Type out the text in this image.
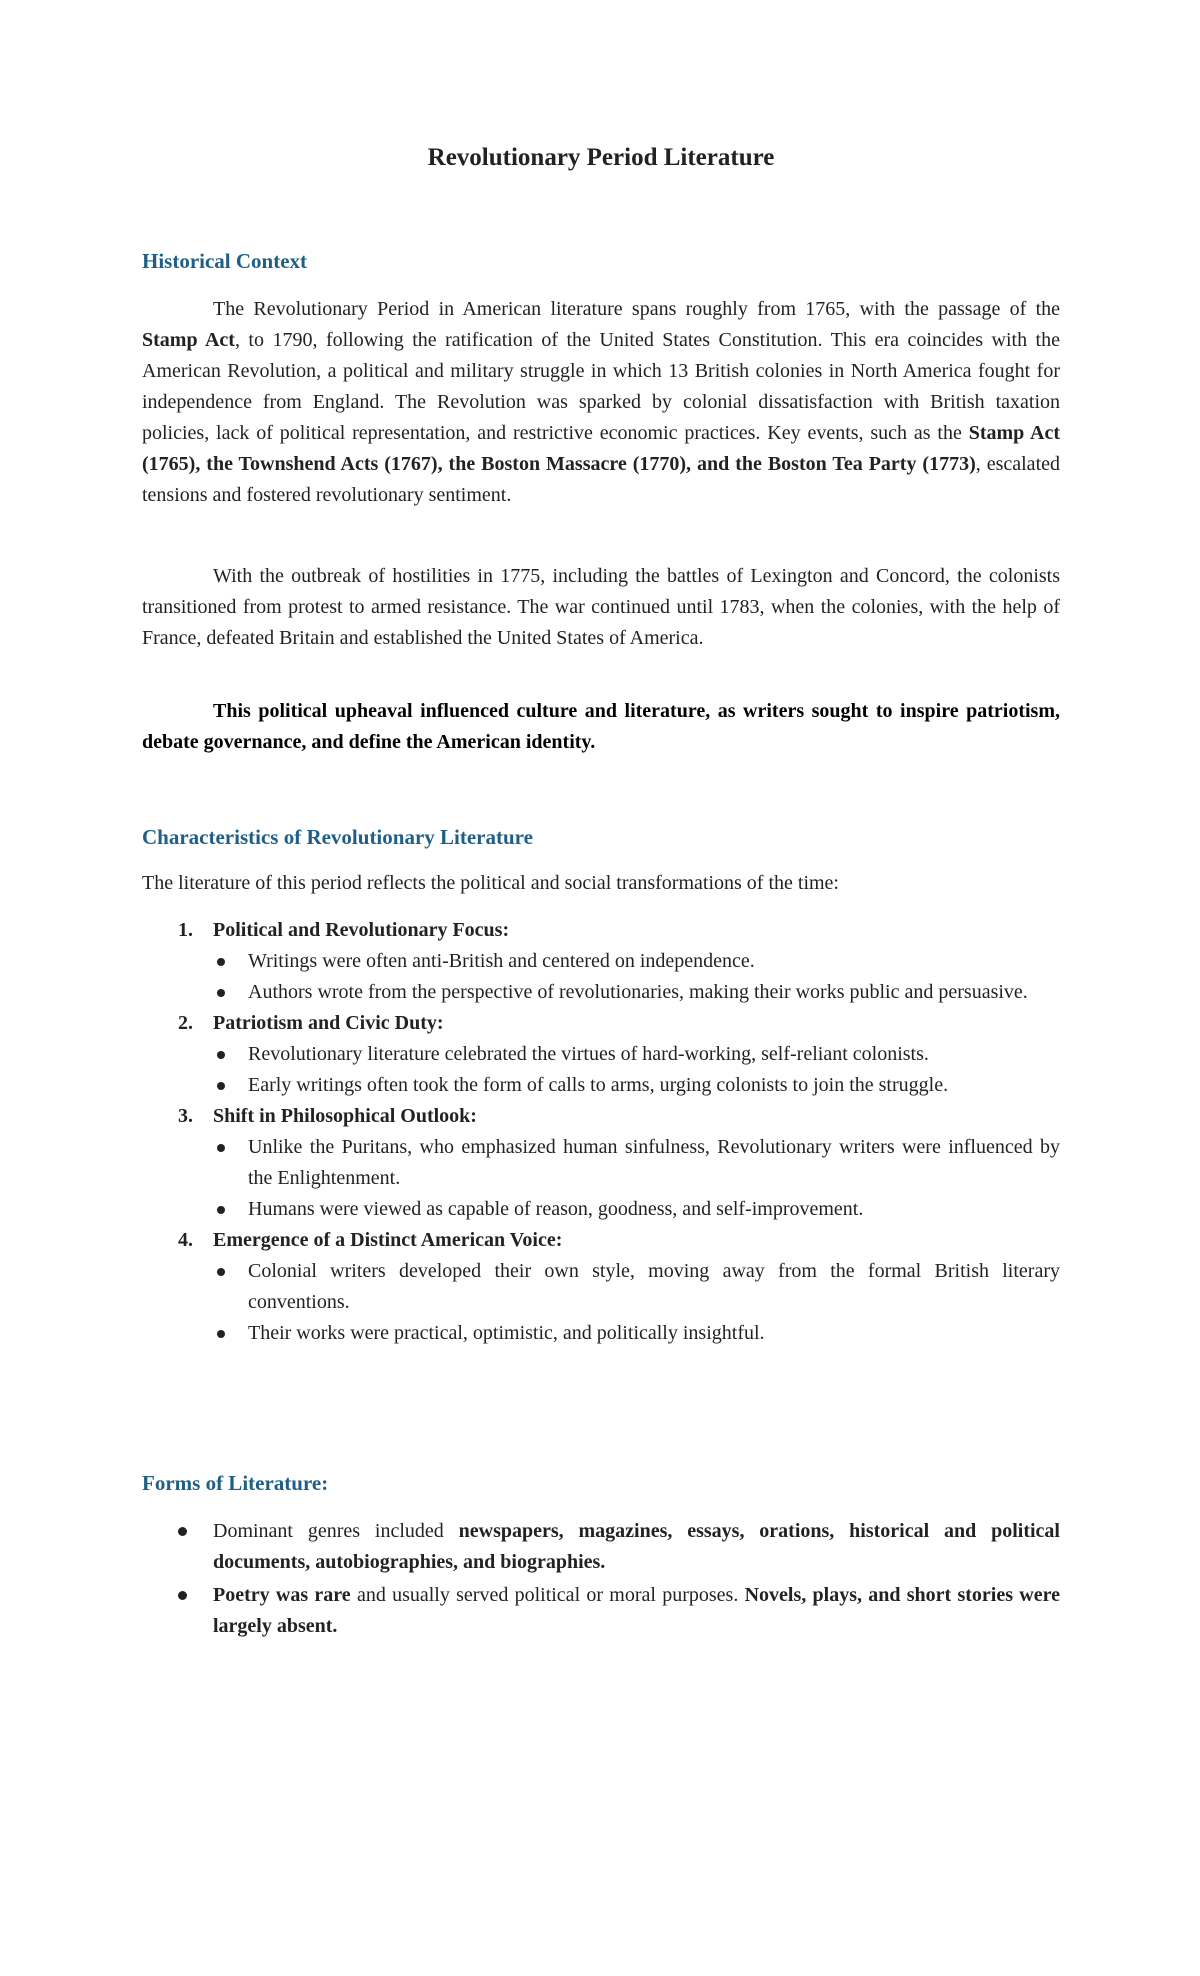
Revolutionary Period Literature
Historical Context

The Revolutionary Period in American literature spans roughly from 1765, with the passage of the Stamp Act, to 1790, following the ratification of the United States Constitution. This era coincides with the American Revolution, a political and military struggle in which 13 British colonies in North America fought for independence from England. The Revolution was sparked by colonial dissatisfaction with British taxation policies, lack of political representation, and restrictive economic practices. Key events, such as the Stamp Act (1765), the Townshend Acts (1767), the Boston Massacre (1770), and the Boston Tea Party (1773), escalated tensions and fostered revolutionary sentiment.

With the outbreak of hostilities in 1775, including the battles of Lexington and Concord, the colonists transitioned from protest to armed resistance. The war continued until 1783, when the colonies, with the help of France, defeated Britain and established the United States of America.

This political upheaval influenced culture and literature, as writers sought to inspire patriotism, debate governance, and define the American identity.

Characteristics of Revolutionary Literature

The literature of this period reflects the political and social transformations of the time:

1. Political and Revolutionary Focus:
Writings were often anti-British and centered on independence.
Authors wrote from the perspective of revolutionaries, making their works public and persuasive.
2. Patriotism and Civic Duty:
Revolutionary literature celebrated the virtues of hard-working, self-reliant colonists.
Early writings often took the form of calls to arms, urging colonists to join the struggle.
3. Shift in Philosophical Outlook:
Unlike the Puritans, who emphasized human sinfulness, Revolutionary writers were influenced by the Enlightenment.
Humans were viewed as capable of reason, goodness, and self-improvement.
4. Emergence of a Distinct American Voice:
Colonial writers developed their own style, moving away from the formal British literary conventions.
Their works were practical, optimistic, and politically insightful.
Forms of Literature:
Dominant genres included newspapers, magazines, essays, orations, historical and political documents, autobiographies, and biographies.
Poetry was rare and usually served political or moral purposes. Novels, plays, and short stories were largely absent.
